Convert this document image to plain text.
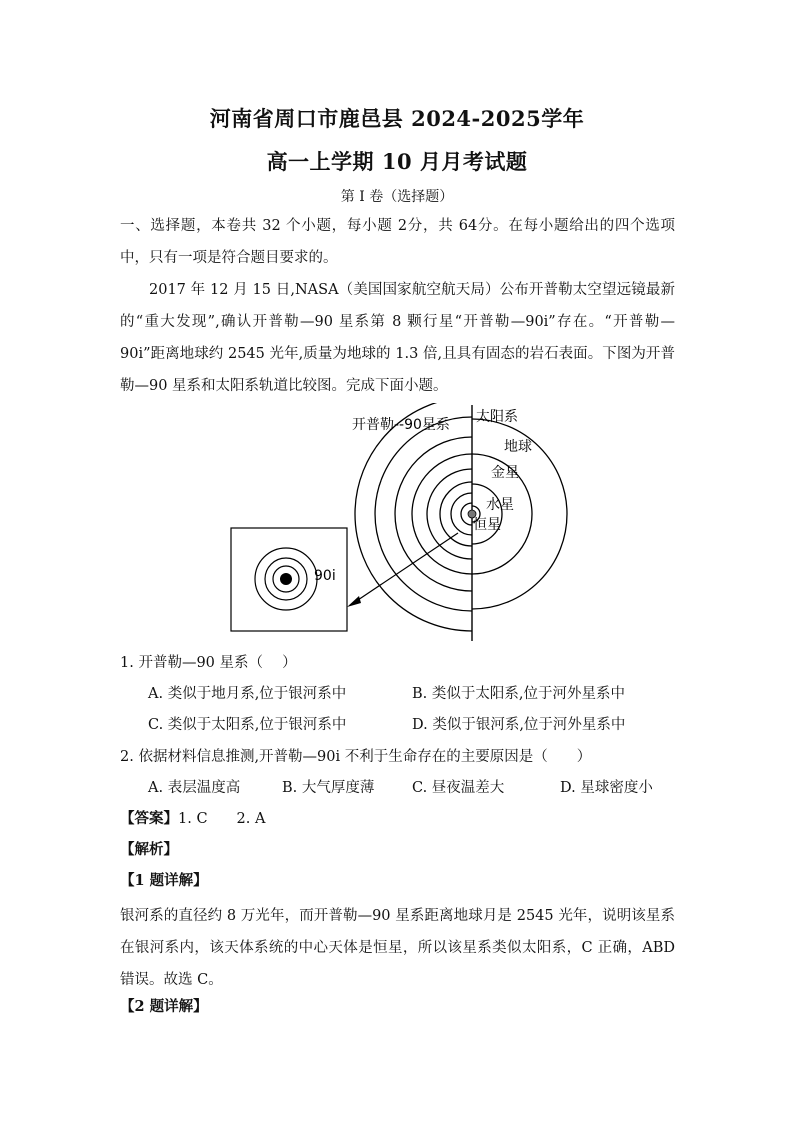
河南省周口市鹿邑县 2024-2025学年
高一上学期 10 月月考试题
第 I 卷（选择题）

一、选择题，本卷共 32 个小题，每小题 2分，共 64分。在每小题给出的四个选项中，只有一项是符合题目要求的。

2017 年 12 月 15 日,NASA（美国国家航空航天局）公布开普勒太空望远镜最新的“重大发现”,确认开普勒—90 星系第 8 颗行星“开普勒—90i”存在。“开普勒—90i”距离地球约 2545 光年,质量为地球的 1.3 倍,且具有固态的岩石表面。下图为开普勒—90 星系和太阳系轨道比较图。完成下面小题。

90i
开普勒--90星系 太阳系
地球
金星
水星
恒星
1. 开普勒—90 星系（　 ）
A. 类似于地月系,位于银河系中	B. 类似于太阳系,位于河外星系中
C. 类似于太阳系,位于银河系中	D. 类似于银河系,位于河外星系中
2. 依据材料信息推测,开普勒—90i 不利于生命存在的主要原因是（　　）
A. 表层温度高	B. 大气厚度薄	C. 昼夜温差大	D. 星球密度小
【答案】1. C　　2. A
【解析】
【1 题详解】

银河系的直径约 8 万光年，而开普勒—90 星系距离地球月是 2545 光年，说明该星系在银河系内，该天体系统的中心天体是恒星，所以该星系类似太阳系，C 正确，ABD 错误。故选 C。

【2 题详解】
